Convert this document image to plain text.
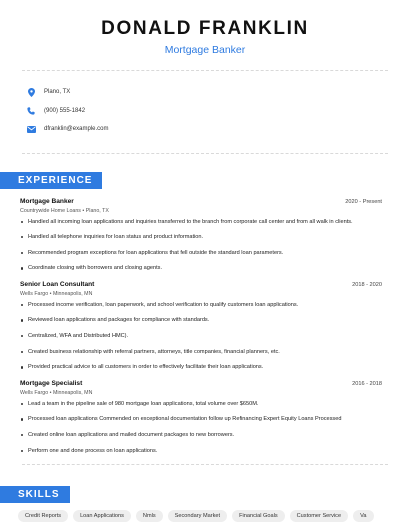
DONALD FRANKLIN
Mortgage Banker
Plano, TX
(900) 555-1842
dfranklin@example.com
EXPERIENCE
Mortgage Banker	2020 - Present
Countrywide Home Loans • Plano, TX
Handled all incoming loan applications and inquiries transferred to the branch from corporate call center and from all walk in clients.
Handled all telephone inquiries for loan status and product information.
Recommended program exceptions for loan applications that fell outside the standard loan parameters.
Coordinate closing with borrowers and closing agents.
Senior Loan Consultant	2018 - 2020
Wells Fargo • Minneapolis, MN
Processed income verification, loan paperwork, and school verification to qualify customers loan applications.
Reviewed loan applications and packages for compliance with standards.
Centralized, WFA and Distributed HMC).
Created business relationship with referral partners, attorneys, title companies, financial planners, etc.
Provided practical advice to all customers in order to effectively facilitate their loan applications.
Mortgage Specialist	2016 - 2018
Wells Fargo • Minneapolis, MN
Lead a team in the pipeline sale of 980 mortgage loan applications, total volume over $650M.
Processed loan applications Commended on exceptional documentation follow up Refinancing Expert Equity Loans Processed
Created online loan applications and mailed document packages to new borrowers.
Perform one and done process on loan applications.
SKILLS
Credit Reports	Loan Applications	Nmls	Secondary Market	Financial Goals	Customer Service	Va
